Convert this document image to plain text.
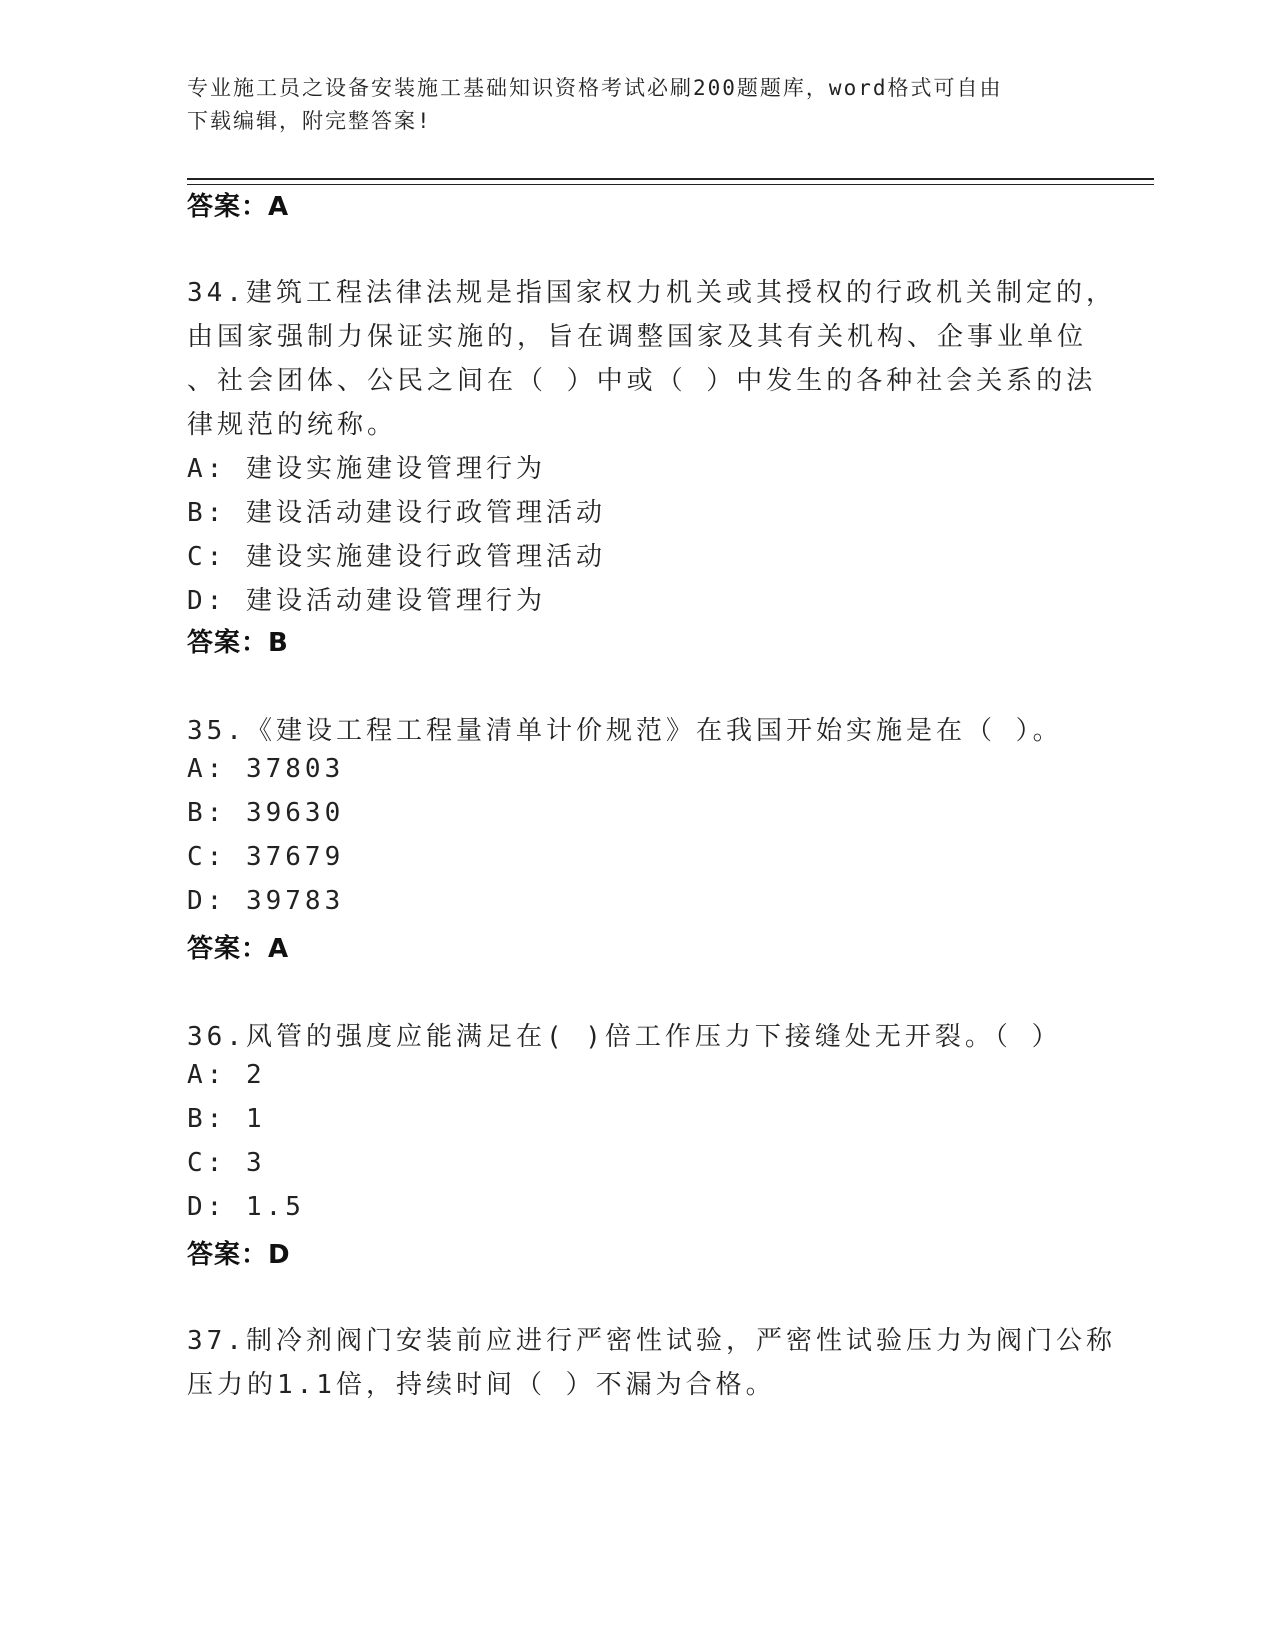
专业施工员之设备安装施工基础知识资格考试必刷200题题库，word格式可自由
下载编辑，附完整答案!
答案：A
34.建筑工程法律法规是指国家权力机关或其授权的行政机关制定的，
由国家强制力保证实施的，旨在调整国家及其有关机构、企事业单位
、社会团体、公民之间在（ ）中或（ ）中发生的各种社会关系的法
律规范的统称。
A: 建设实施建设管理行为
B: 建设活动建设行政管理活动
C: 建设实施建设行政管理活动
D: 建设活动建设管理行为
答案：B
35.《建设工程工程量清单计价规范》在我国开始实施是在（ ）。
A: 37803
B: 39630
C: 37679
D: 39783
答案：A
36.风管的强度应能满足在( )倍工作压力下接缝处无开裂。（ ）
A: 2
B: 1
C: 3
D: 1.5
答案：D
37.制冷剂阀门安装前应进行严密性试验，严密性试验压力为阀门公称
压力的1.1倍，持续时间（ ）不漏为合格。
